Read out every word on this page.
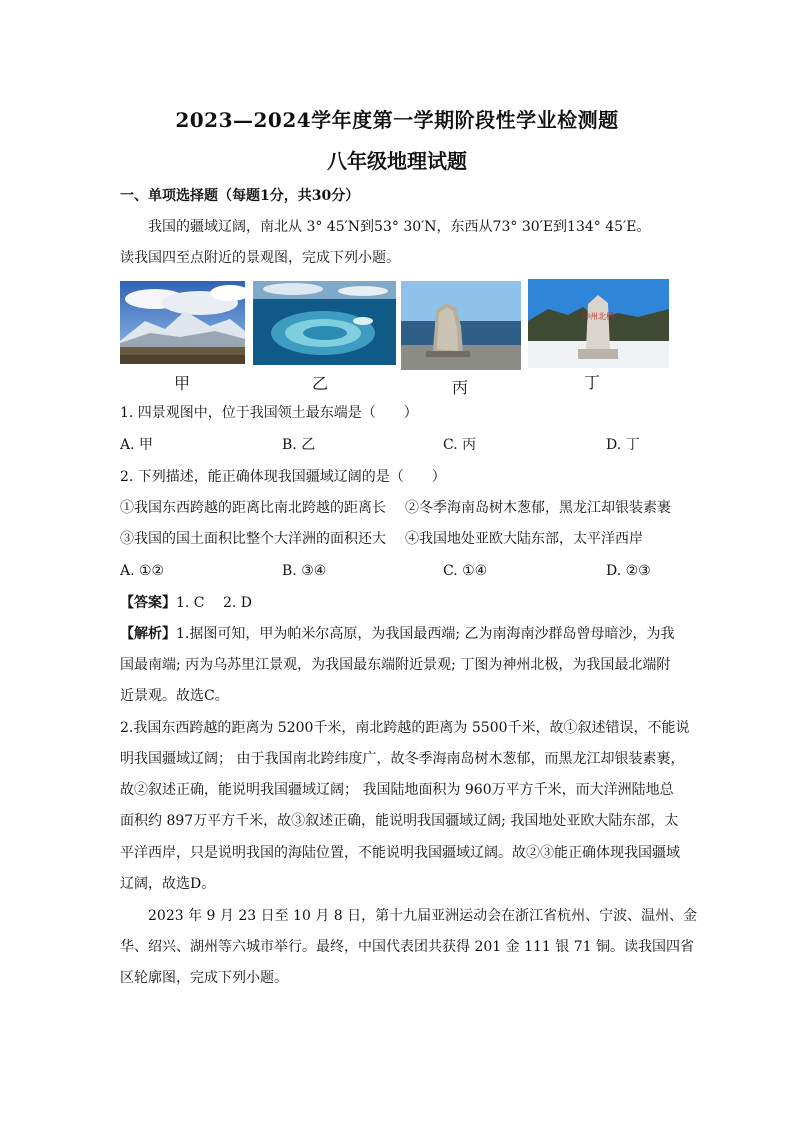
2023—2024学年度第一学期阶段性学业检测题
八年级地理试题
一、单项选择题（每题1分，共30分）
我国的疆域辽阔，南北从 3° 45′N到53° 30′N，东西从73° 30′E到134° 45′E。
读我国四至点附近的景观图，完成下列小题。
神州北极
甲	乙	丙	丁
1. 四景观图中，位于我国领土最东端是（　　）
A. 甲	B. 乙	C. 丙	D. 丁
2. 下列描述，能正确体现我国疆域辽阔的是（　　）
①我国东西跨越的距离比南北跨越的距离长 ②冬季海南岛树木葱郁，黑龙江却银装素裹
③我国的国土面积比整个大洋洲的面积还大 ④我国地处亚欧大陆东部，太平洋西岸
A. ①②	B. ③④	C. ①④	D. ②③
【答案】1. C　 2. D
【解析】1.据图可知，甲为帕米尔高原，为我国最西端; 乙为南海南沙群岛曾母暗沙，为我
国最南端; 丙为乌苏里江景观，为我国最东端附近景观; 丁图为神州北极，为我国最北端附
近景观。故选C。
2.我国东西跨越的距离为 5200千米，南北跨越的距离为 5500千米，故①叙述错误，不能说
明我国疆域辽阔； 由于我国南北跨纬度广，故冬季海南岛树木葱郁，而黑龙江却银装素裹，
故②叙述正确，能说明我国疆域辽阔； 我国陆地面积为 960万平方千米，而大洋洲陆地总
面积约 897万平方千米，故③叙述正确，能说明我国疆域辽阔; 我国地处亚欧大陆东部，太
平洋西岸，只是说明我国的海陆位置，不能说明我国疆域辽阔。故②③能正确体现我国疆域
辽阔，故选D。
2023 年 9 月 23 日至 10 月 8 日，第十九届亚洲运动会在浙江省杭州、宁波、温州、金
华、绍兴、湖州等六城市举行。最终，中国代表团共获得 201 金 111 银 71 铜。读我国四省
区轮廓图，完成下列小题。
